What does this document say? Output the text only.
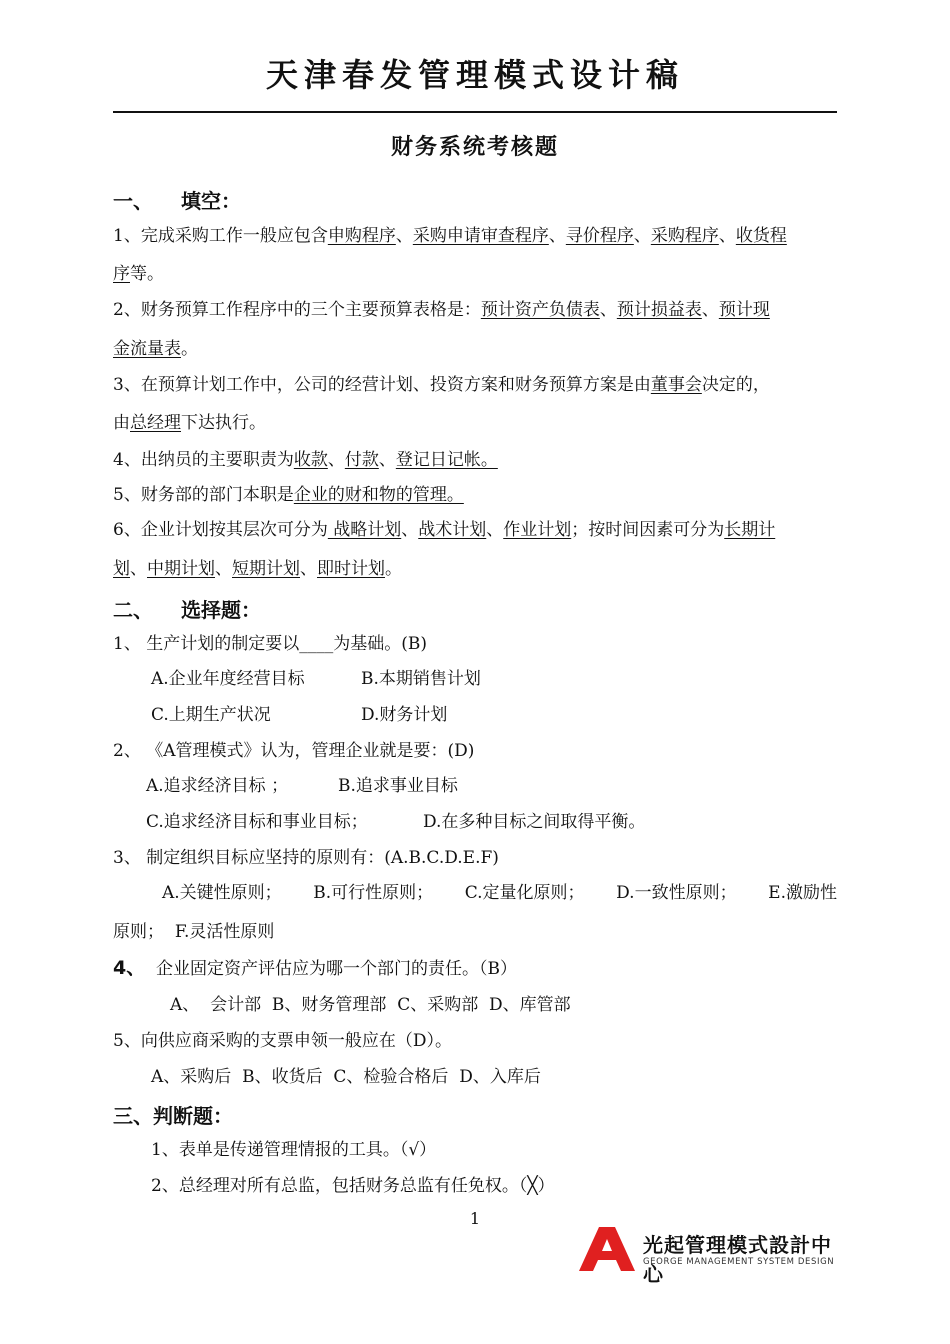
天津春发管理模式设计稿
财务系统考核题
一、 填空：
1、完成采购工作一般应包含申购程序、采购申请审查程序、寻价程序、采购程序、收货程
序等。
2、财务预算工作程序中的三个主要预算表格是：预计资产负债表、预计损益表、预计现
金流量表。
3、在预算计划工作中，公司的经营计划、投资方案和财务预算方案是由董事会决定的，
由总经理下达执行。
4、出纳员的主要职责为收款、付款、登记日记帐。
5、财务部的部门本职是企业的财和物的管理。
6、企业计划按其层次可分为 战略计划、战术计划、作业计划；按时间因素可分为长期计
划、中期计划、短期计划、即时计划。
二、 选择题：
1、 生产计划的制定要以____为基础。(B)
A.企业年度经营目标	B.本期销售计划
C.上期生产状况	D.财务计划
2、 《A管理模式》认为，管理企业就是要：(D)
A.追求经济目标 ；	B.追求事业目标
C.追求经济目标和事业目标；	D.在多种目标之间取得平衡。
3、 制定组织目标应坚持的原则有：(A.B.C.D.E.F)
A.关键性原则； B.可行性原则； C.定量化原则； D.一致性原则； E.激励性
原则； F.灵活性原则
4、 企业固定资产评估应为哪一个部门的责任。（B）
A、  会计部  B、财务管理部  C、采购部  D、库管部
5、向供应商采购的支票申领一般应在（D）。
A、采购后  B、收货后  C、检验合格后  D、入库后
三、判断题：
1、表单是传递管理情报的工具。（√）
2、总经理对所有总监，包括财务总监有任免权。（╳）
1
光起管理模式設計中心
GEORGE MANAGEMENT SYSTEM DESIGN
